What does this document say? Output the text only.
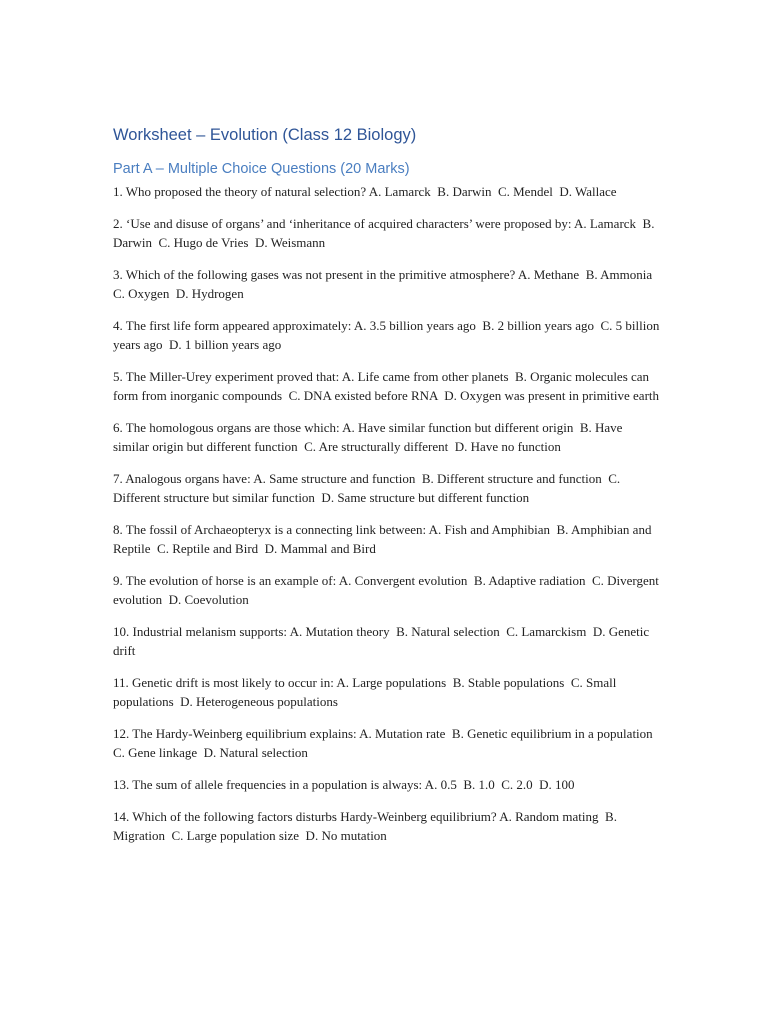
Worksheet – Evolution (Class 12 Biology)
Part A – Multiple Choice Questions (20 Marks)
1. Who proposed the theory of natural selection? A. Lamarck  B. Darwin  C. Mendel  D. Wallace
2. ‘Use and disuse of organs’ and ‘inheritance of acquired characters’ were proposed by: A. Lamarck  B. Darwin  C. Hugo de Vries  D. Weismann
3. Which of the following gases was not present in the primitive atmosphere? A. Methane  B. Ammonia  C. Oxygen  D. Hydrogen
4. The first life form appeared approximately: A. 3.5 billion years ago  B. 2 billion years ago  C. 5 billion years ago  D. 1 billion years ago
5. The Miller-Urey experiment proved that: A. Life came from other planets  B. Organic molecules can form from inorganic compounds  C. DNA existed before RNA  D. Oxygen was present in primitive earth
6. The homologous organs are those which: A. Have similar function but different origin  B. Have similar origin but different function  C. Are structurally different  D. Have no function
7. Analogous organs have: A. Same structure and function  B. Different structure and function  C. Different structure but similar function  D. Same structure but different function
8. The fossil of Archaeopteryx is a connecting link between: A. Fish and Amphibian  B. Amphibian and Reptile  C. Reptile and Bird  D. Mammal and Bird
9. The evolution of horse is an example of: A. Convergent evolution  B. Adaptive radiation  C. Divergent evolution  D. Coevolution
10. Industrial melanism supports: A. Mutation theory  B. Natural selection  C. Lamarckism  D. Genetic drift
11. Genetic drift is most likely to occur in: A. Large populations  B. Stable populations  C. Small populations  D. Heterogeneous populations
12. The Hardy-Weinberg equilibrium explains: A. Mutation rate  B. Genetic equilibrium in a population  C. Gene linkage  D. Natural selection
13. The sum of allele frequencies in a population is always: A. 0.5  B. 1.0  C. 2.0  D. 100
14. Which of the following factors disturbs Hardy-Weinberg equilibrium? A. Random mating  B. Migration  C. Large population size  D. No mutation
